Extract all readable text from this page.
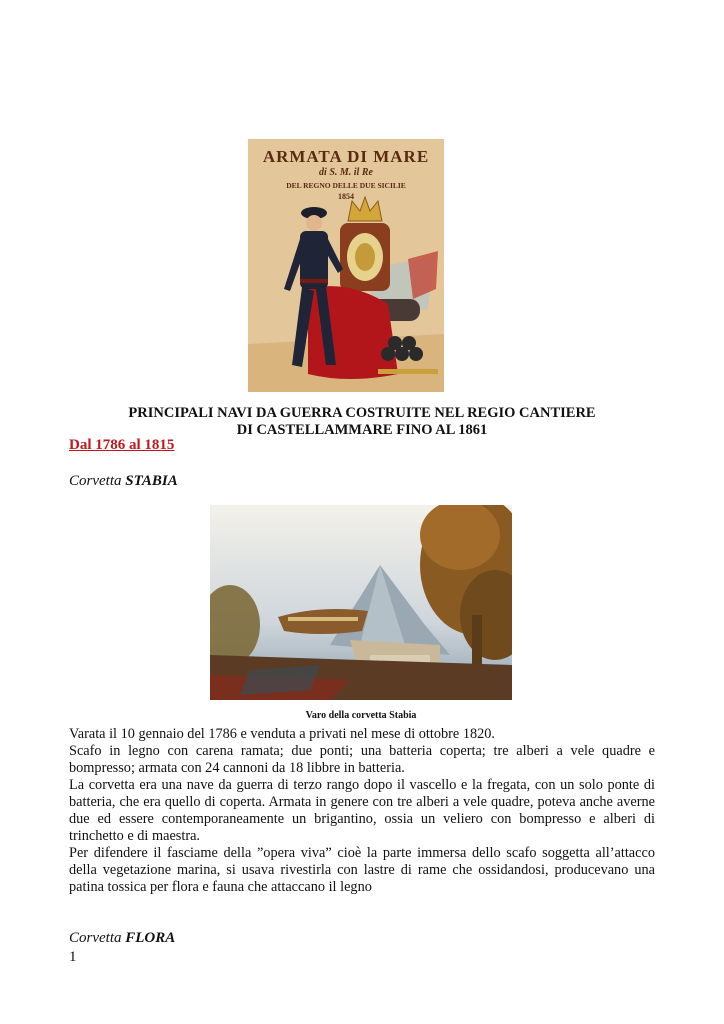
ARMATA DI MARE
di S. M. il Re
DEL REGNO DELLE DUE SICILIE
1854
PRINCIPALI NAVI DA GUERRA COSTRUITE NEL REGIO CANTIERE
DI CASTELLAMMARE FINO AL 1861
Dal 1786 al 1815
Corvetta STABIA
Varo della corvetta Stabia

Varata il 10 gennaio del 1786 e venduta a privati nel mese di ottobre 1820.

Scafo in legno con carena ramata; due ponti; una batteria coperta; tre alberi a vele quadre e bompresso; armata con 24 cannoni da 18 libbre in batteria.

La corvetta era una nave da guerra di terzo rango dopo il vascello e la fregata, con un solo ponte di batteria, che era quello di coperta. Armata in genere con tre alberi a vele quadre, poteva anche averne due ed essere contemporaneamente un brigantino, ossia un veliero con bompresso e alberi di trinchetto e di maestra.

Per difendere il fasciame della ”opera viva” cioè la parte immersa dello scafo soggetta all’attacco della vegetazione marina, si usava rivestirla con lastre di rame che ossidandosi, producevano una patina tossica per flora e fauna che attaccano il legno

Corvetta FLORA
1
